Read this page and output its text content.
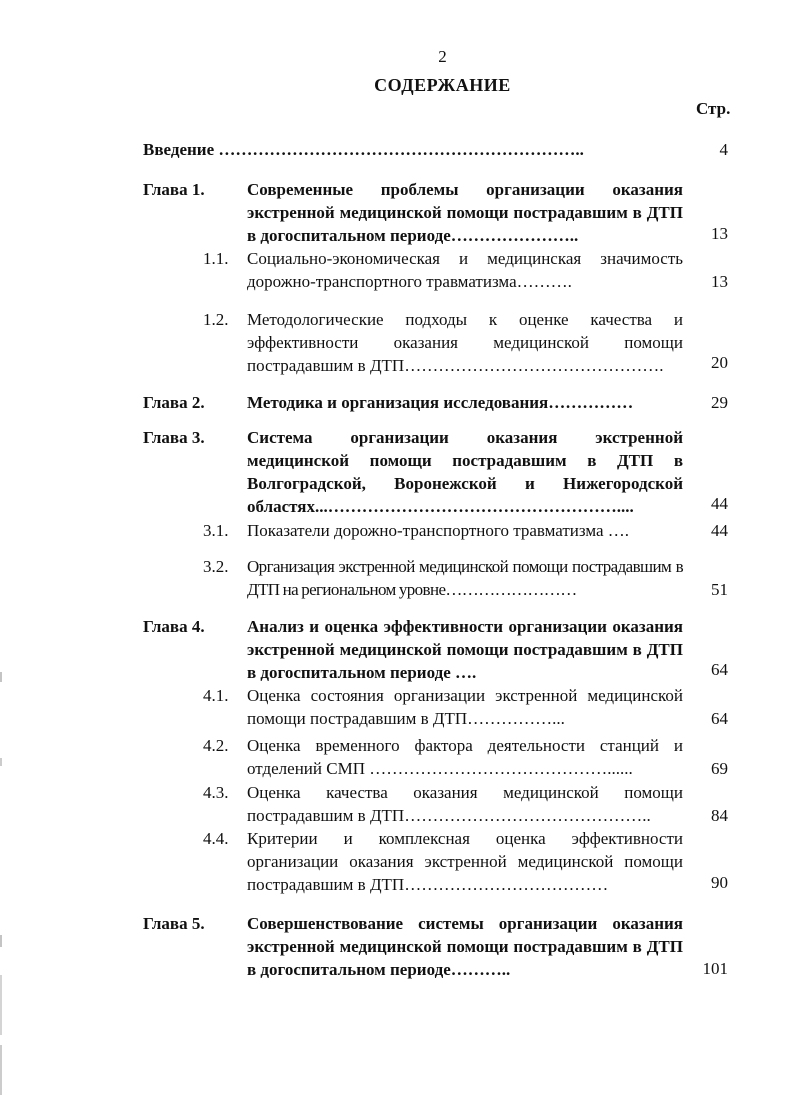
2
СОДЕРЖАНИЕ
Стр.
Введение ………………………………………………………..	4
Глава 1. Современные проблемы организации оказания экстренной медицинской помощи пострадавшим в ДТП в догоспитальном периоде…………………..	13
1.1. Социально-экономическая и медицинская значимость дорожно-транспортного травматизма……….	13
1.2. Методологические подходы к оценке качества и эффективности оказания медицинской помощи пострадавшим в ДТП……………………………………….	20
Глава 2. Методика и организация исследования……………	29
Глава 3. Система организации оказания экстренной медицинской помощи пострадавшим в ДТП в Волгоградской, Воронежской и Нижегородской областях...……………………………………………....	44
3.1. Показатели дорожно-транспортного травматизма ….	44
3.2. Организация экстренной медицинской помощи пострадавшим в ДТП на региональном уровне……………………	51
Глава 4. Анализ и оценка эффективности организации оказания экстренной медицинской помощи пострадавшим в ДТП в догоспитальном периоде ….	64
4.1. Оценка состояния организации экстренной медицинской помощи пострадавшим в ДТП……………...	64
4.2. Оценка временного фактора деятельности станций и отделений СМП ……………………………………......	69
4.3. Оценка качества оказания медицинской помощи пострадавшим в ДТП……………………………………..	84
4.4. Критерии и комплексная оценка эффективности организации оказания экстренной медицинской помощи пострадавшим в ДТП………………………………	90
Глава 5. Совершенствование системы организации оказания экстренной медицинской помощи пострадавшим в ДТП в догоспитальном периоде………..	101
